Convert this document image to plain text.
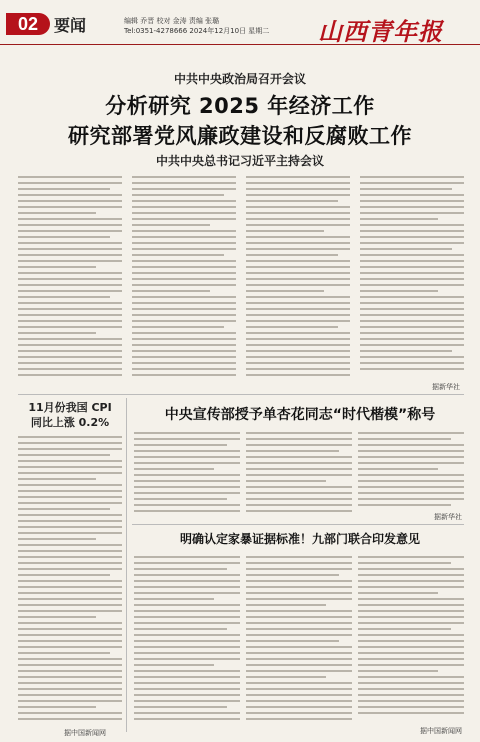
02 要闻	编辑 乔晋 校对 金涛 责编 张璐
Tel:0351-4278666 2024年12月10日 星期二 山西青年报
中共中央政治局召开会议
分析研究 2025 年经济工作
研究部署党风廉政建设和反腐败工作
中共中央总书记习近平主持会议
据新华社
11月份我国 CPI
同比上涨 0.2%
据中国新闻网
中央宣传部授予单杏花同志“时代楷模”称号
据新华社
明确认定家暴证据标准！九部门联合印发意见
据中国新闻网
